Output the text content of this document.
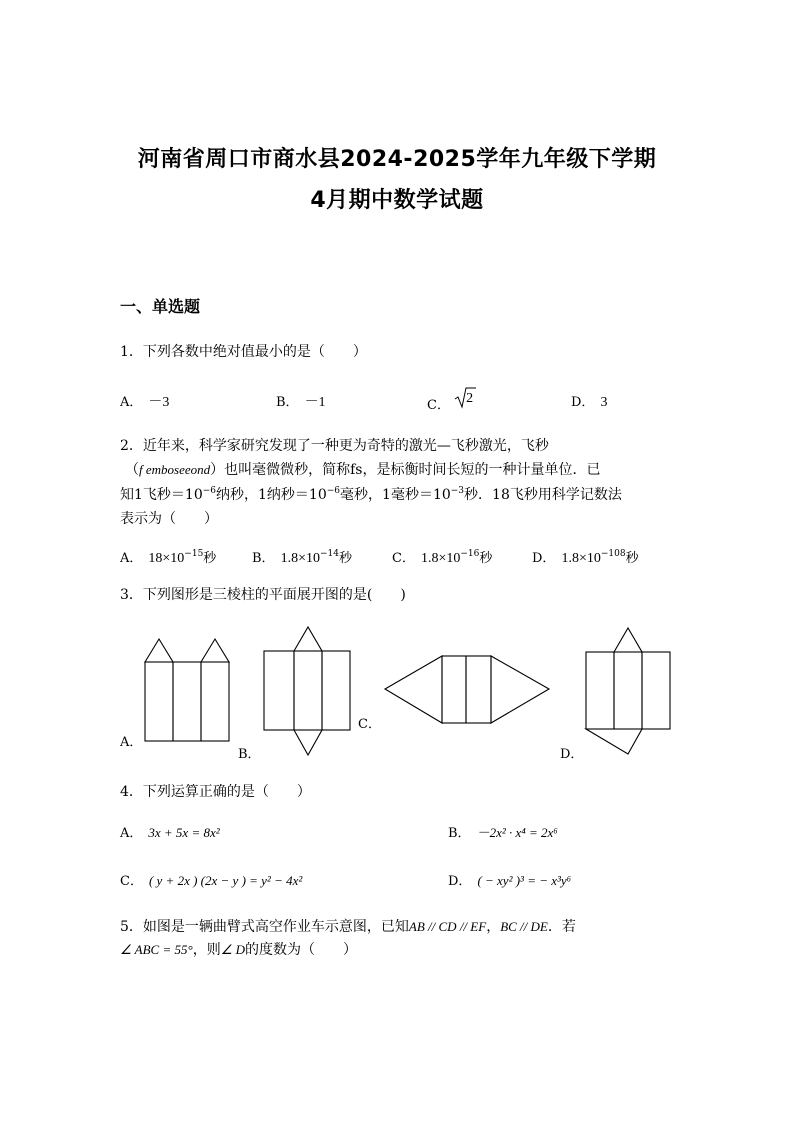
河南省周口市商水县2024-2025学年九年级下学期
4月期中数学试题
一、单选题
1．下列各数中绝对值最小的是（　　）
A． －3	B． －1	C． 2	D． 3
2．近年来，科学家研究发现了一种更为奇特的激光—飞秒激光，飞秒
（f emboseeond）也叫毫微微秒，简称fs，是标衡时间长短的一种计量单位．已
知1飞秒$=10^{-6}$纳秒，1纳秒$=10^{-6}$毫秒，1毫秒$=10^{-3}$秒．18飞秒用科学记数法
表示为（　　）
A． $18\times 10^{-15}$秒	B． $1.8\times 10^{-14}$秒	C． $1.8\times 10^{-16}$秒	D． $1.8\times 10^{-108}$秒
3．下列图形是三棱柱的平面展开图的是(　　)
A．
B．
C．
D．
4．下列运算正确的是（　　）
A． 3x + 5x = 8x²	B． －2x² · x⁴ = 2x⁶
C． ( y + 2x ) (2x − y ) = y² − 4x²	D． ( − xy² )³ = − x³y⁶
5．如图是一辆曲臂式高空作业车示意图，已知AB // CD // EF，BC // DE．若
∠ ABC = 55°，则∠ D的度数为（　　）
